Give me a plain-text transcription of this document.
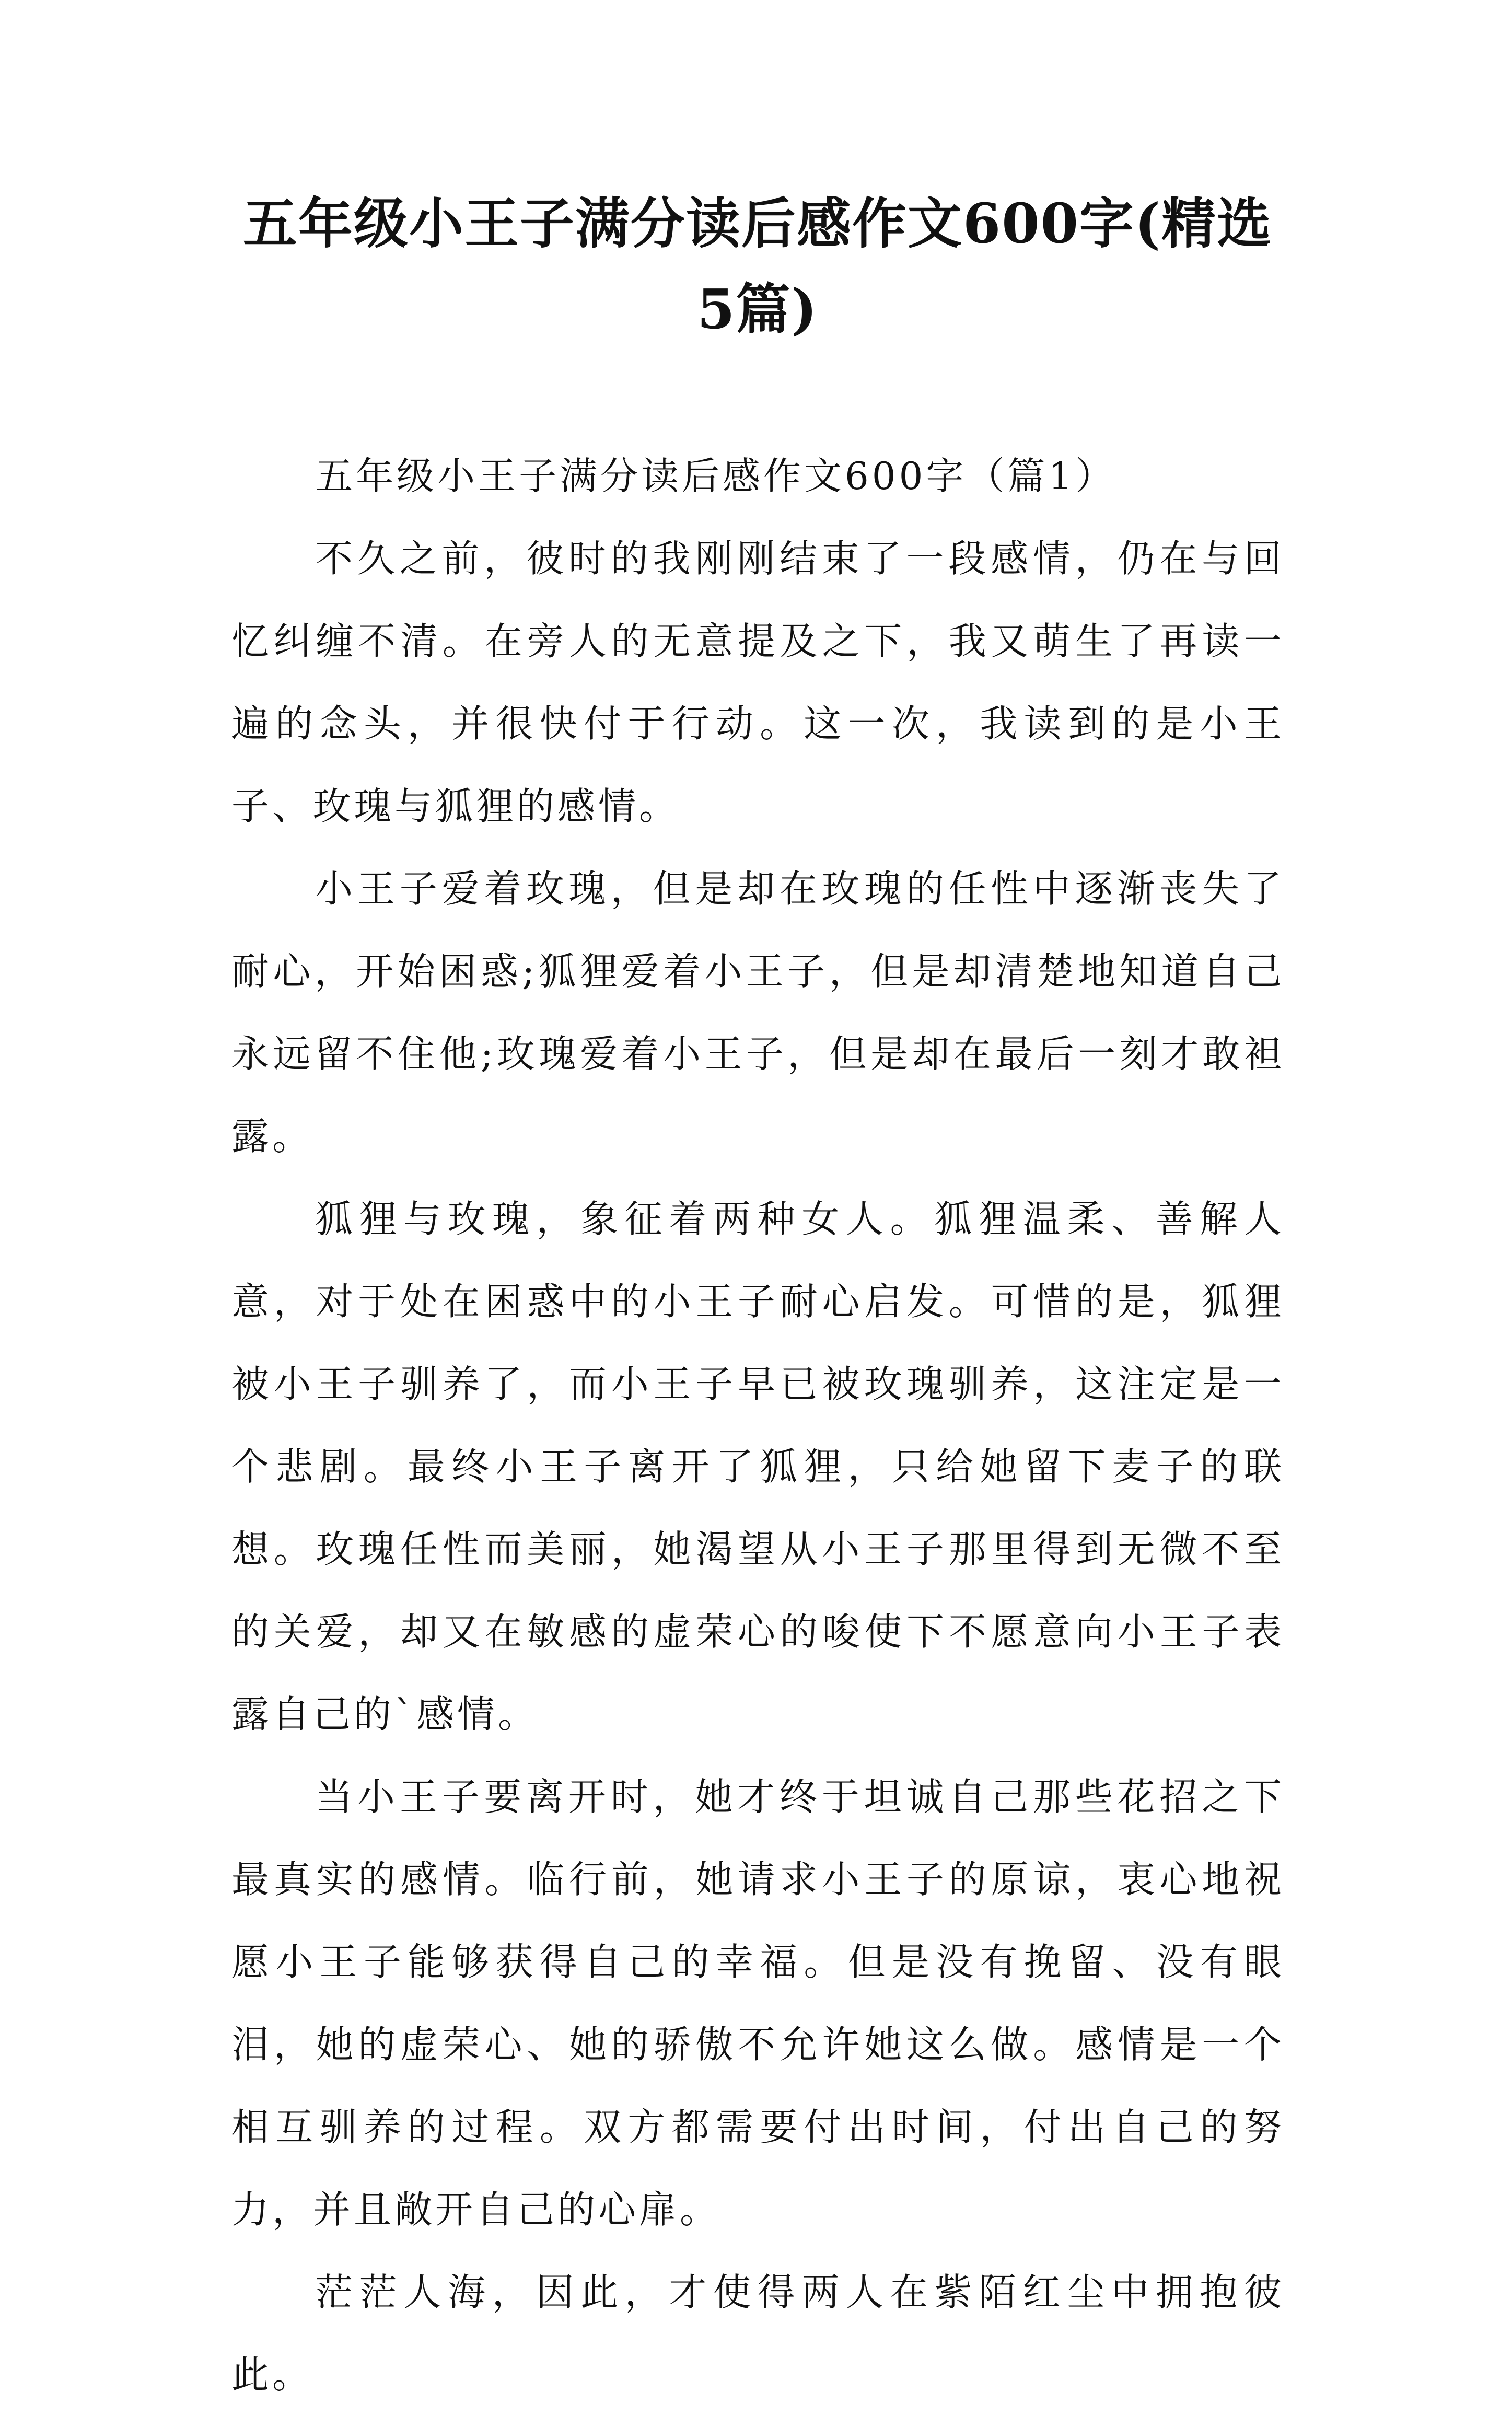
五年级小王子满分读后感作文600字(精选
5篇)

五年级小王子满分读后感作文600字（篇1）

不久之前，彼时的我刚刚结束了一段感情，仍在与回忆纠缠不清。在旁人的无意提及之下，我又萌生了再读一遍的念头，并很快付于行动。这一次，我读到的是小王子、玫瑰与狐狸的感情。

小王子爱着玫瑰，但是却在玫瑰的任性中逐渐丧失了耐心，开始困惑;狐狸爱着小王子，但是却清楚地知道自己永远留不住他;玫瑰爱着小王子，但是却在最后一刻才敢袒露。

狐狸与玫瑰，象征着两种女人。狐狸温柔、善解人意，对于处在困惑中的小王子耐心启发。可惜的是，狐狸被小王子驯养了，而小王子早已被玫瑰驯养，这注定是一个悲剧。最终小王子离开了狐狸，只给她留下麦子的联想。玫瑰任性而美丽，她渴望从小王子那里得到无微不至的关爱，却又在敏感的虚荣心的唆使下不愿意向小王子表露自己的`感情。

当小王子要离开时，她才终于坦诚自己那些花招之下最真实的感情。临行前，她请求小王子的原谅，衷心地祝愿小王子能够获得自己的幸福。但是没有挽留、没有眼泪，她的虚荣心、她的骄傲不允许她这么做。感情是一个相互驯养的过程。双方都需要付出时间，付出自己的努力，并且敞开自己的心扉。

茫茫人海，因此，才使得两人在紫陌红尘中拥抱彼此。
